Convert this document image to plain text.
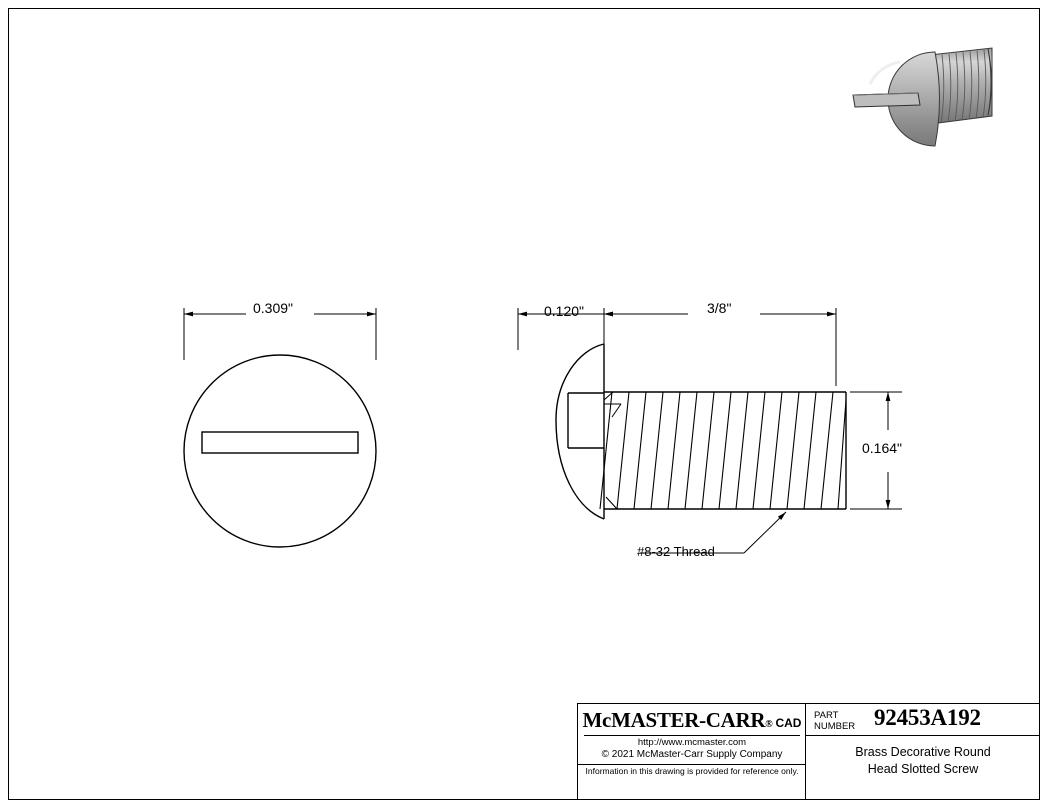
0.309"	0.120"	3/8"
0.164"
#8-32 Thread
McMASTER-CARR® CAD
http://www.mcmaster.com
© 2021 McMaster-Carr Supply Company
Information in this drawing is provided for reference only.
PART
NUMBER 92453A192
Brass Decorative Round
Head Slotted Screw
